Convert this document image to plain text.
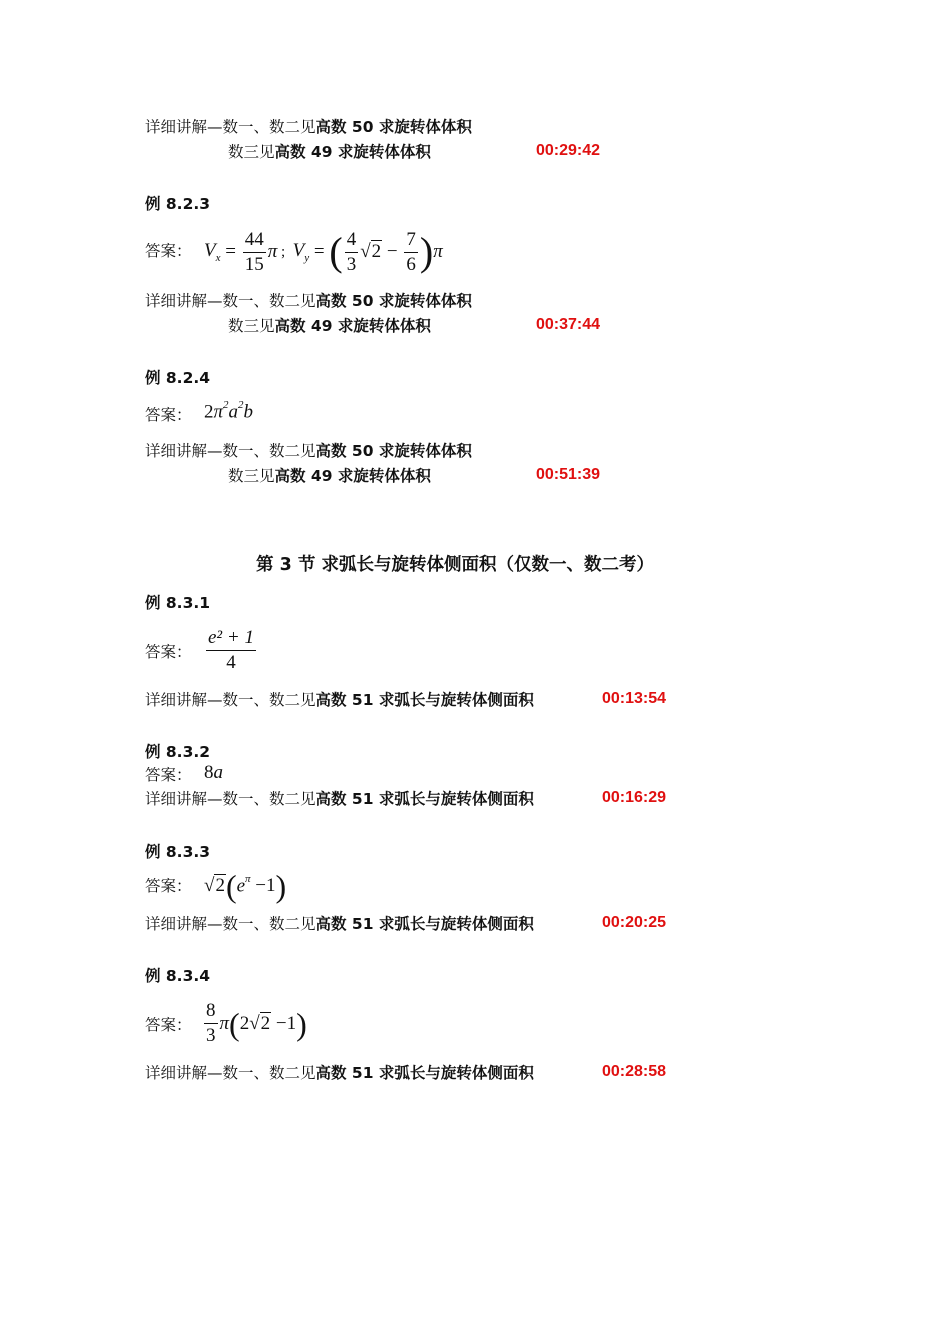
详细讲解—数一、数二见高数 50 求旋转体体积
数三见高数 49 求旋转体体积	00:29:42
例 8.2.3
答案： $V_x = \frac{44}{15}$ π ; $V_y$ = ( $\frac{4}{3} √2 - \frac{7}{6}$ ) π
详细讲解—数一、数二见高数 50 求旋转体体积
数三见高数 49 求旋转体体积	00:37:44
例 8.2.4
答案： $2\pi^2a^2b$
详细讲解—数一、数二见高数 50 求旋转体体积
数三见高数 49 求旋转体体积	00:51:39
第 3 节 求弧长与旋转体侧面积（仅数一、数二考）
例 8.3.1
答案： $\frac{\text{e² + 1}}{4}$
详细讲解—数一、数二见高数 51 求弧长与旋转体侧面积	00:13:54
例 8.3.2
答案： 8a
详细讲解—数一、数二见高数 51 求弧长与旋转体侧面积	00:16:29
例 8.3.3
答案： √2 ( $e^\pi -1$ )
详细讲解—数一、数二见高数 51 求弧长与旋转体侧面积	00:20:25
例 8.3.4
答案： $\frac{8}{3}$ π ( 2 √2 −1 )
详细讲解—数一、数二见高数 51 求弧长与旋转体侧面积	00:28:58
